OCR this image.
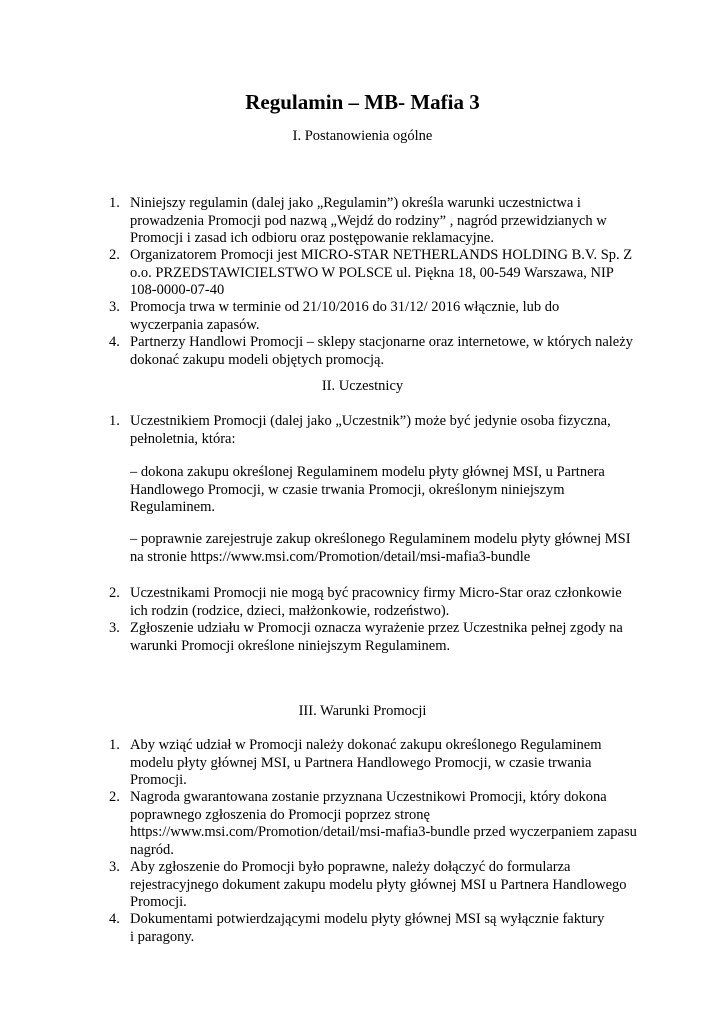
Regulamin – MB- Mafia 3
I. Postanowienia ogólne
1. Niniejszy regulamin (dalej jako „Regulamin”) określa warunki uczestnictwa i prowadzenia Promocji pod nazwą „Wejdź do rodziny” , nagród przewidzianych w Promocji i zasad ich odbioru oraz postępowanie reklamacyjne.
2. Organizatorem Promocji jest MICRO-STAR NETHERLANDS HOLDING B.V. Sp. Z o.o. PRZEDSTAWICIELSTWO W POLSCE ul. Piękna 18, 00-549 Warszawa, NIP 108-0000-07-40
3. Promocja trwa w terminie od 21/10/2016 do 31/12/ 2016 włącznie, lub do wyczerpania zapasów.
4. Partnerzy Handlowi Promocji – sklepy stacjonarne oraz internetowe, w których należy dokonać zakupu modeli objętych promocją.
II. Uczestnicy
1. Uczestnikiem Promocji (dalej jako „Uczestnik”) może być jedynie osoba fizyczna, pełnoletnia, która:

– dokona zakupu określonej Regulaminem modelu płyty głównej MSI, u Partnera Handlowego Promocji, w czasie trwania Promocji, określonym niniejszym Regulaminem.

– poprawnie zarejestruje zakup określonego Regulaminem modelu płyty głównej MSI na stronie https://www.msi.com/Promotion/detail/msi-mafia3-bundle

2. Uczestnikami Promocji nie mogą być pracownicy firmy Micro-Star oraz członkowie ich rodzin (rodzice, dzieci, małżonkowie, rodzeństwo).
3. Zgłoszenie udziału w Promocji oznacza wyrażenie przez Uczestnika pełnej zgody na warunki Promocji określone niniejszym Regulaminem.
III. Warunki Promocji
1. Aby wziąć udział w Promocji należy dokonać zakupu określonego Regulaminem modelu płyty głównej MSI, u Partnera Handlowego Promocji, w czasie trwania Promocji.
2. Nagroda gwarantowana zostanie przyznana Uczestnikowi Promocji, który dokona poprawnego zgłoszenia do Promocji poprzez stronę https://www.msi.com/Promotion/detail/msi-mafia3-bundle przed wyczerpaniem zapasu nagród.
3. Aby zgłoszenie do Promocji było poprawne, należy dołączyć do formularza rejestracyjnego dokument zakupu modelu płyty głównej MSI u Partnera Handlowego Promocji.
4. Dokumentami potwierdzającymi modelu płyty głównej MSI są wyłącznie faktury i paragony.
